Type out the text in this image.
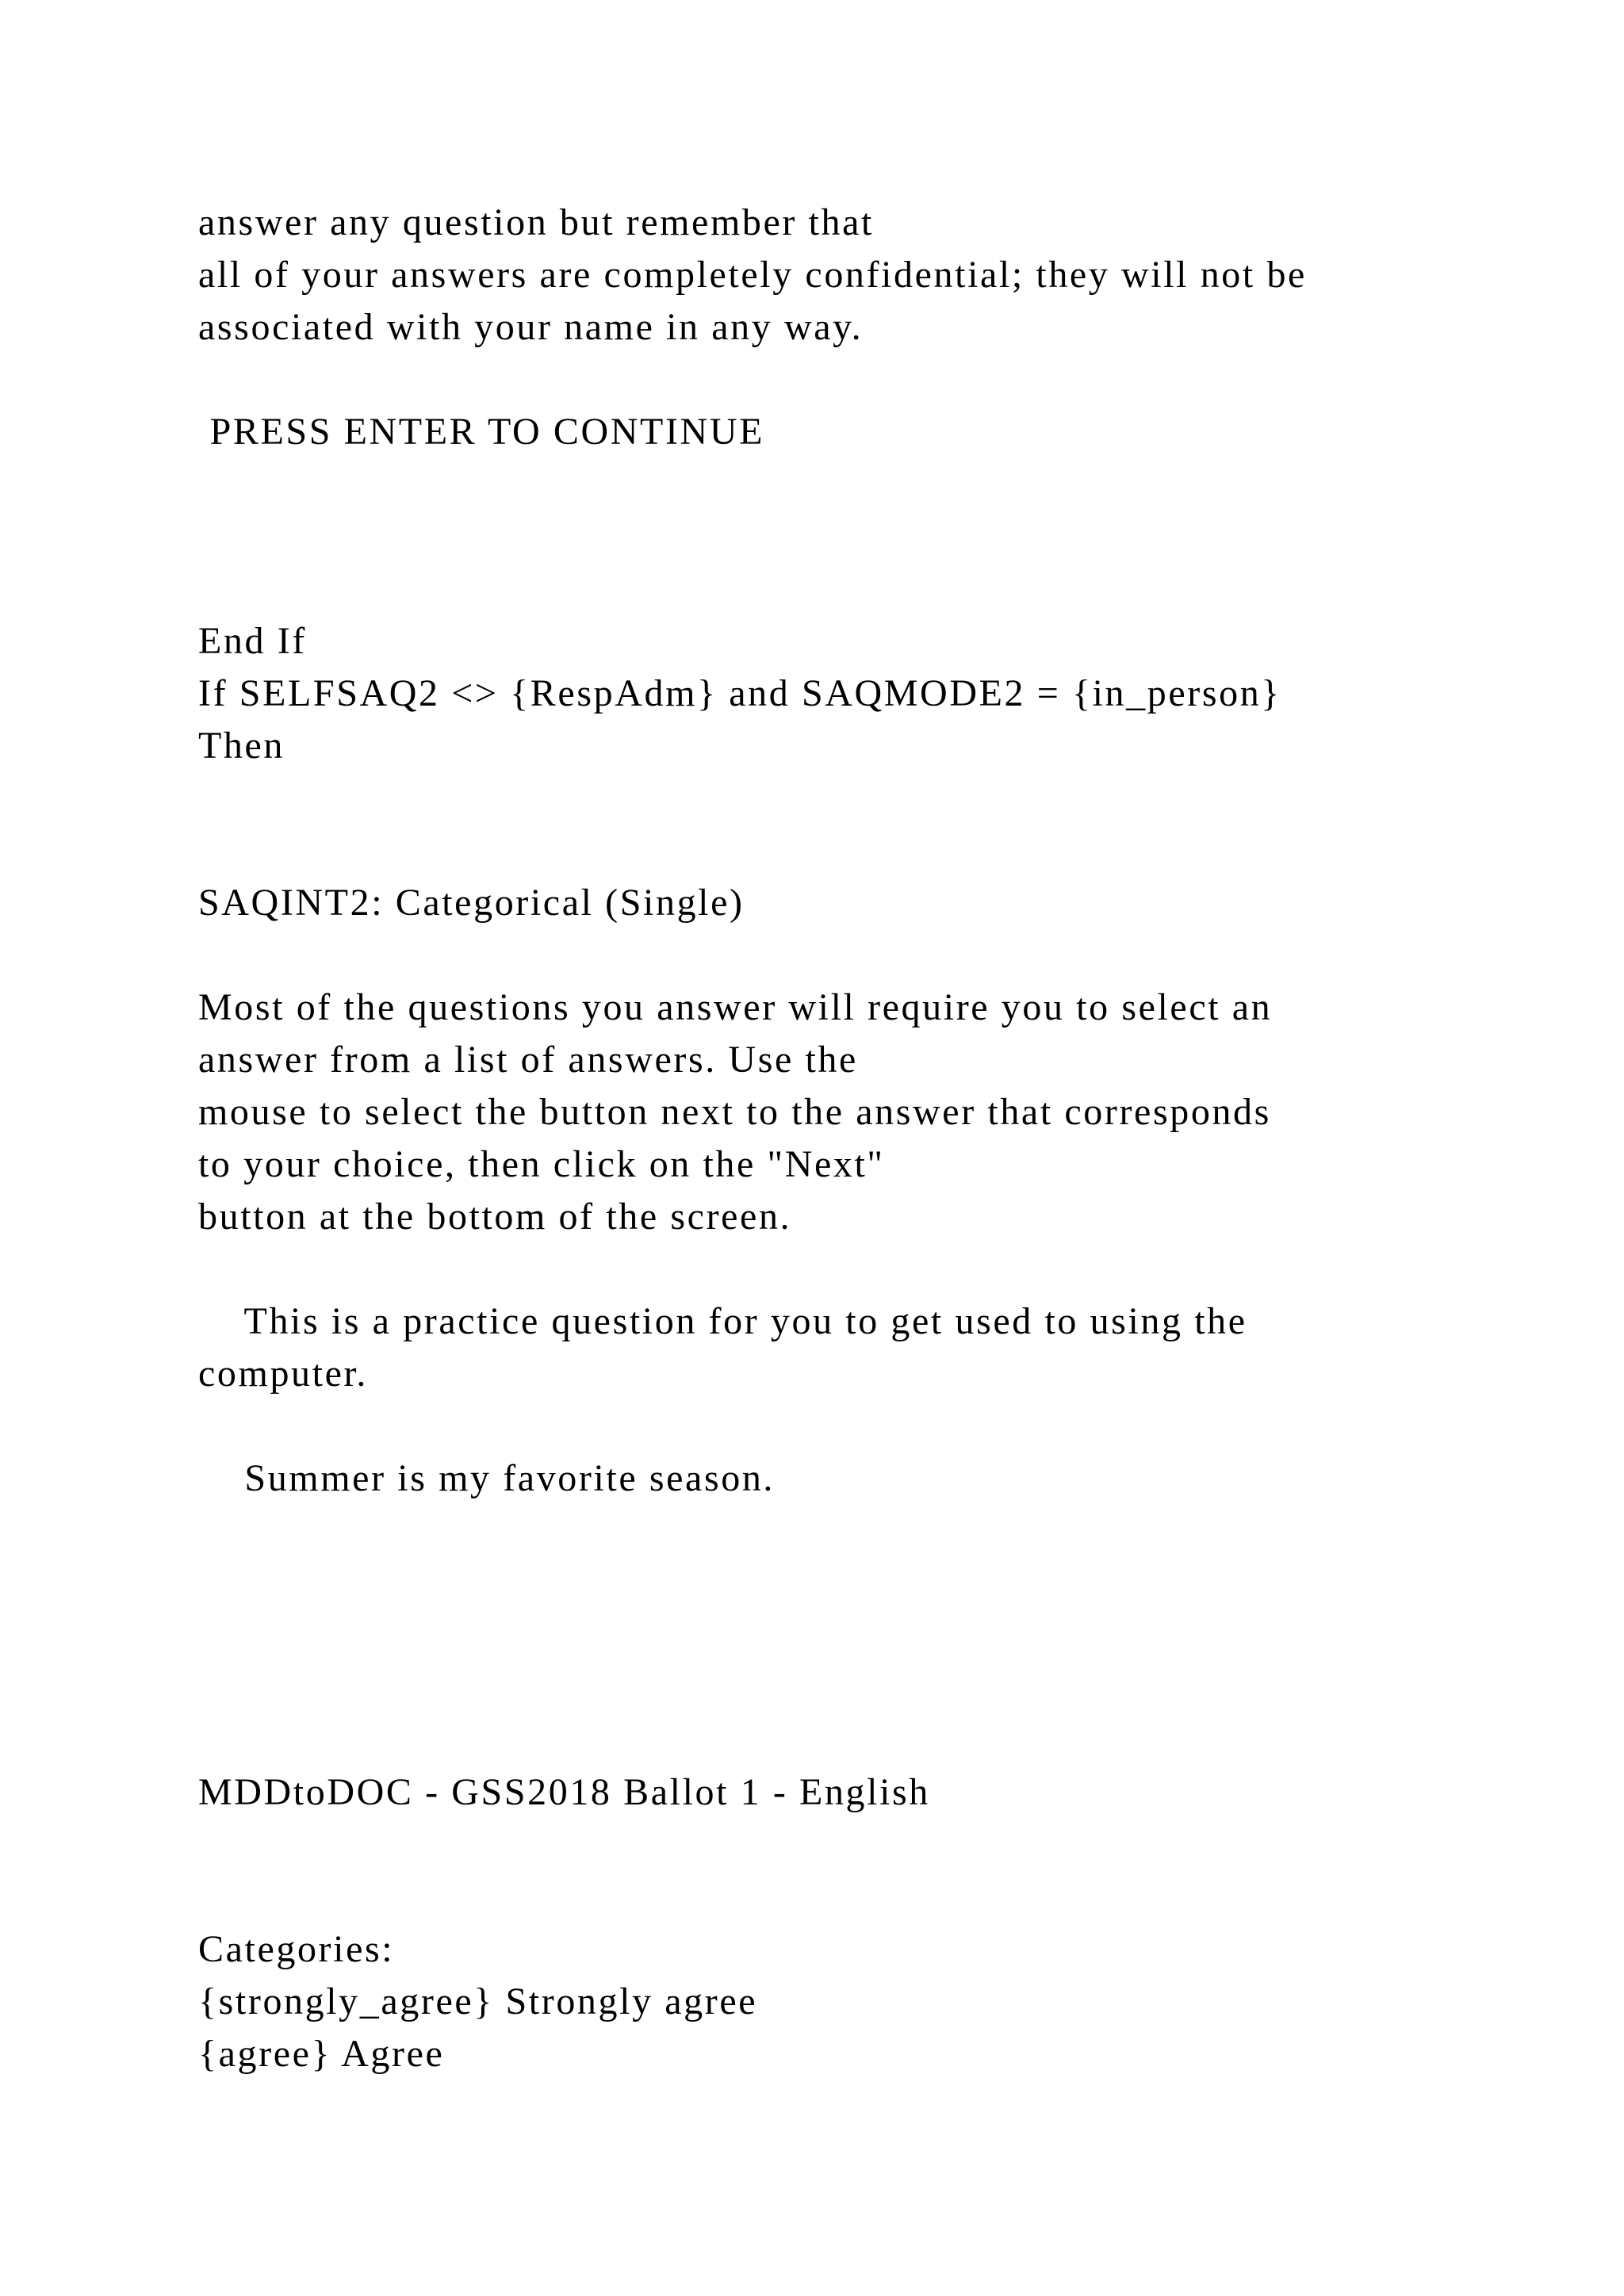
answer any question but remember that

all of your answers are completely confidential; they will not be

associated with your name in any way.

PRESS ENTER TO CONTINUE

End If

If SELFSAQ2 <> {RespAdm} and SAQMODE2 = {in_person}

Then

SAQINT2: Categorical (Single)

Most of the questions you answer will require you to select an

answer from a list of answers. Use the

mouse to select the button next to the answer that corresponds

to your choice, then click on the "Next"

button at the bottom of the screen.

This is a practice question for you to get used to using the

computer.

Summer is my favorite season.

MDDtoDOC - GSS2018 Ballot 1 - English

Categories:

{strongly_agree} Strongly agree

{agree} Agree
